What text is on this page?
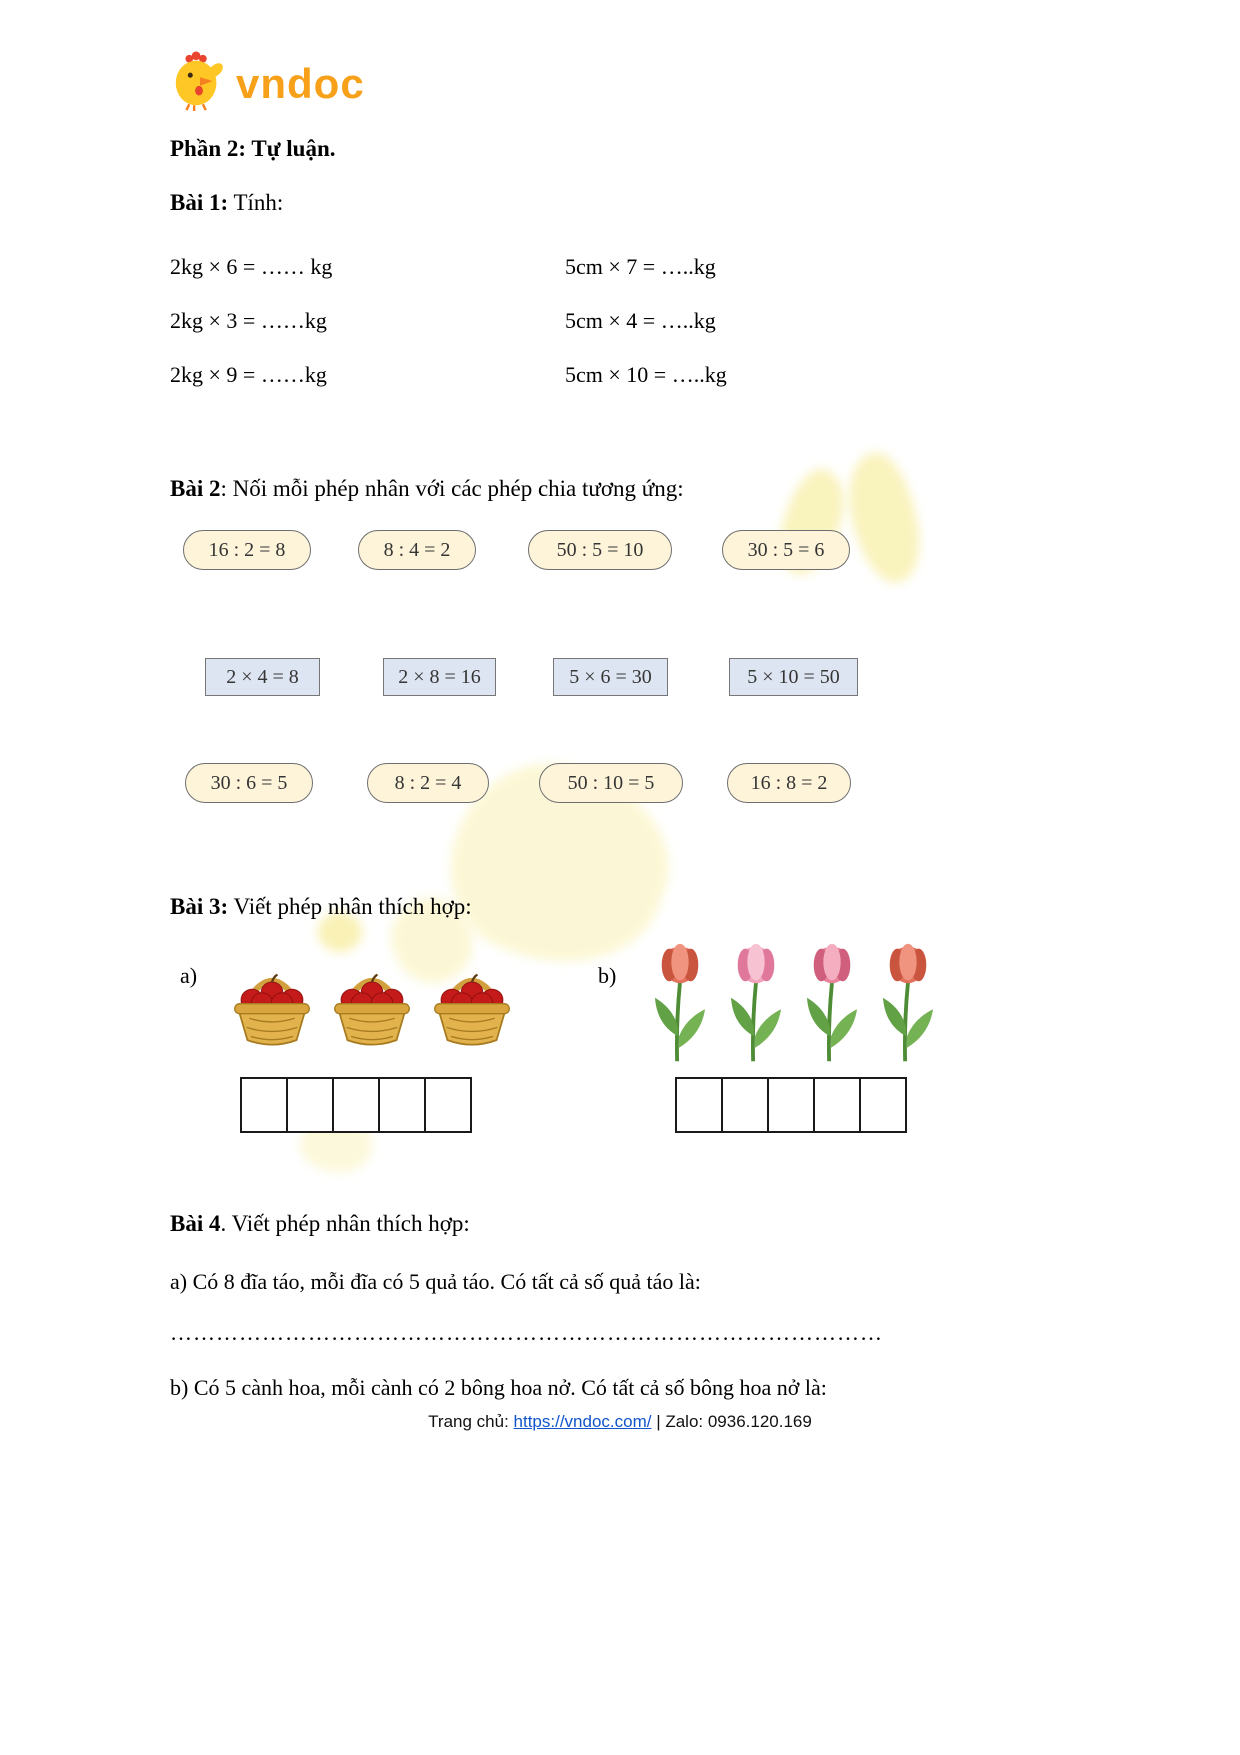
vndoc
Phần 2: Tự luận.
Bài 1: Tính:
2kg × 6 = …… kg	5cm × 7 = …..kg
2kg × 3 = ……kg	5cm × 4 = …..kg
2kg × 9 = ……kg	5cm × 10 = …..kg
Bài 2: Nối mỗi phép nhân với các phép chia tương ứng:
16 : 2 = 8	8 : 4 = 2	50 : 5 = 10	30 : 5 = 6
2 × 4 = 8	2 × 8 = 16	5 × 6 = 30	5 × 10 = 50
30 : 6 = 5	8 : 2 = 4	50 : 10 = 5	16 : 8 = 2
Bài 3: Viết phép nhân thích hợp:
a)	b)
Bài 4. Viết phép nhân thích hợp:
a) Có 8 đĩa táo, mỗi đĩa có 5 quả táo. Có tất cả số quả táo là:
…………………………………………………………………………………
b) Có 5 cành hoa, mỗi cành có 2 bông hoa nở. Có tất cả số bông hoa nở là:
Trang chủ: https://vndoc.com/ | Zalo: 0936.120.169
